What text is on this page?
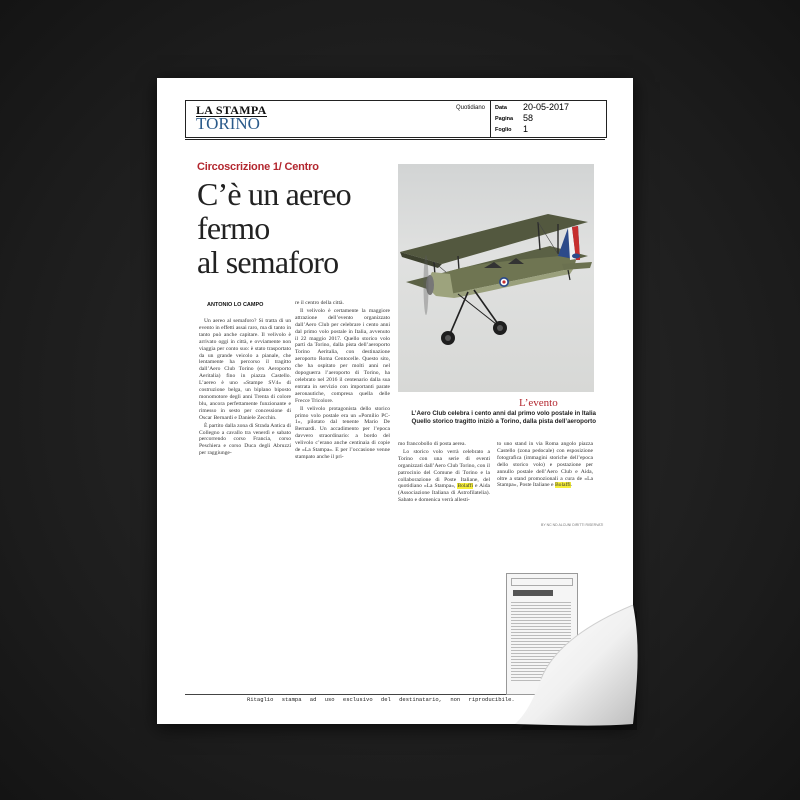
LA STAMPA
TORINO
Quotidiano Data 20-05-2017
Pagina 58
Foglio 1
Circoscrizione 1/ Centro
C’è un aereo
fermo
al semaforo
ANTONIO LO CAMPO
L’evento
L’Aero Club celebra i cento anni dal primo volo postale in Italia
Quello storico tragitto iniziò a Torino, dalla pista dell’aeroporto

Un aereo al semaforo? Si tratta di un evento in effetti assai raro, ma di tanto in tanto può anche capitare. Il velivolo è arrivato oggi in città, e ovviamente non viaggia per conto suo: è stato trasportato da un grande veicolo a pianale, che lentamente ha percorso il tragitto dall’Aero Club Torino (ex Aeroporto Aeritalia) fino in piazza Castello. L’aereo è uno «Stampe SV4» di costruzione belga, un biplano biposto monomotore degli anni Trenta di colore blu, ancora perfettamente funzionante e rimesso in sesto per concessione di Oscar Bernardi e Daniele Zecchin.

È partito dalla zona di Strada Antica di Collegno a cavallo tra venerdì e sabato percorrendo corso Francia, corso Peschiera e corso Duca degli Abruzzi per raggiunge-

re il centro della città.

Il velivolo è certamente la maggiore attrazione dell’evento organizzato dall’Aero Club per celebrare i cento anni dal primo volo postale in Italia, avvenuto il 22 maggio 2017. Quello storico volo partì da Torino, dalla pista dell’aeroporto Torino Aeritalia, con destinazione aeroporto Roma Centocelle. Questo sito, che ha ospitato per molti anni nel dopoguerra l’aeroporto di Torino, ha celebrato nel 2016 il centenario dalla sua entrata in servizio con importanti parate aeronautiche, compresa quella delle Frecce Tricolore.

Il velivolo protagonista dello storico primo volo postale era un «Pomilio PC-1», pilotato dal tenente Mario De Bernardi. Un accadimento per l’epoca davvero straordinario: a bordo del velivolo c’erano anche centinaia di copie de «La Stampa». E per l’occasione venne stampato anche il pri-

mo francobollo di posta aerea.

Lo storico volo verrà celebrato a Torino con una serie di eventi organizzati dall’Aero Club Torino, con il patrocinio del Comune di Torino e la collaborazione di Poste Italiane, del quotidiano «La Stampa», Bolaffi e Aida (Associazione Italiana di Astrofilatelia). Sabato e domenica verrà allesti-

to uno stand in via Roma angolo piazza Castello (zona pedocale) con esposizione fotografica (immagini storiche dell’epoca dello storico volo) e postazione per annullo postale dell’Aero Club e Aida, oltre a stand promozionali a cura de «La Stampa», Poste Italiane e Bolaffi.

BY NC ND ALCUNI DIRITTI RISERVATI
Ritaglio stampa ad uso esclusivo del destinatario, non riproducibile.
